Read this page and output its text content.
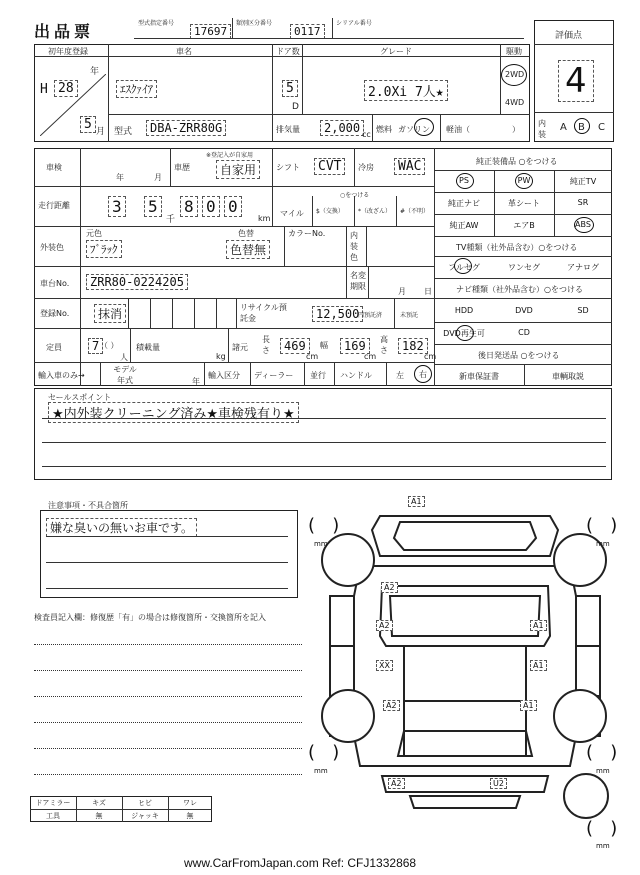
出品票	型式指定番号
17697
類別区分番号
0117
シリアル番号
評価点
4
内装
A B C
初年度登録
H 28
年
5 月
車名
ｴｽｸｧｲｱ
ドア数
5
D
グレード
2.0Xi 7人★
駆動
2WD
4WD
型式	DBA-ZRR80G	排気量	2,000 cc
燃料 ガソリン 軽油（	）
車検
年	月
車歴
※登記入が自家用
自家用	シフト	CVT	冷房	WAC
走行距離	3 5
千
8 0 0
km
マイル
○をつける
$（交換） *（改ざん） #（不明）
外装色
元色
ﾌﾞﾗｯｸ
色替
色替無
カラーNo.	内装色
車台No.	ZRR80-0224205	名変期限
月 日
登録No.	抹消	リサイクル預託金	12,500
円預託済	未預託
定員	7 （ ）
人
積載量
kg
諸元
長さ	469
cm
幅	169
cm
高さ	182
cm
輸入車のみ→
モデル年式	年
輸入区分 ディーラー 並行 ハンドル	左 右
純正装備品 ○をつける
PS	PW	純正TV
純正ナビ	革シート	SR
純正AW	エアB	ABS
TV種類（社外品含む）○をつける
フルセグ	ワンセグ	アナログ
ナビ種類（社外品含む）○をつける
HDD	DVD	SD
DVD再生可	CD
後日発送品 ○をつける
新車保証書	車輌取説
セールスポイント
★内外装クリーニング済み★車検残有り★
注意事項・不具合箇所
嫌な臭いの無いお車です。
検査員記入欄：修復歴「有」の場合は修復箇所・交換箇所を記入
ドアミラー	キズ	ヒビ	ワレ
工具	無	ジャッキ	無
A1
A2
A2	A1
XX	A1
A2	A1
A2	U2
(   )
mm
(   )
mm
(   )
mm
(   )
mm
(   )
mm
www.CarFromJapan.com Ref: CFJ1332868
